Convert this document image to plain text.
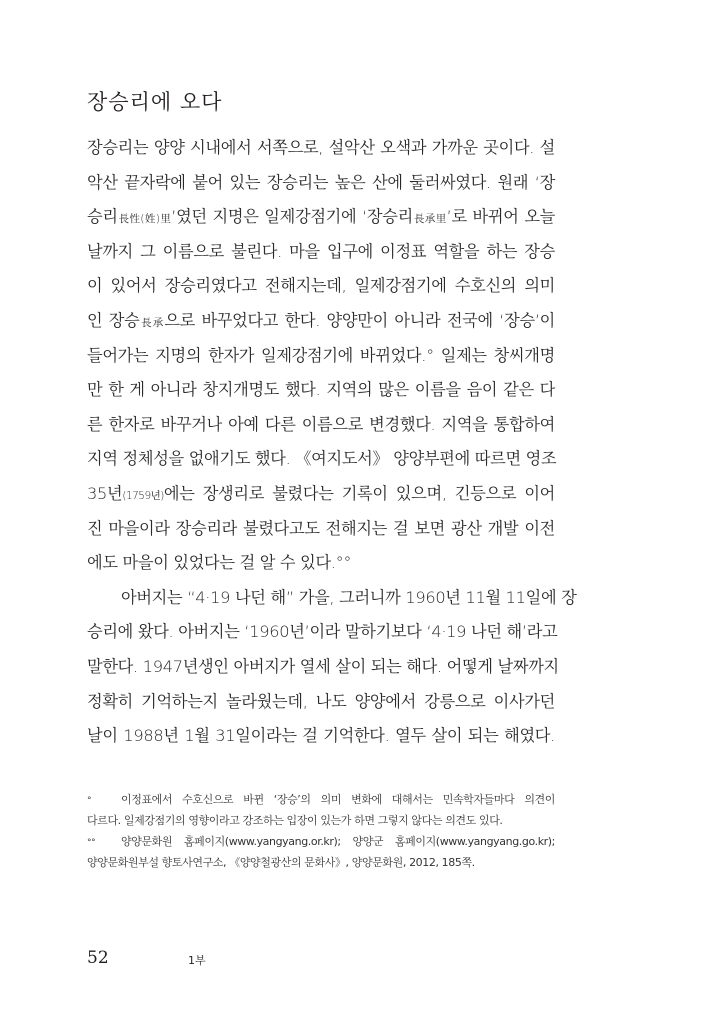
장승리에 오다
장승리는 양양 시내에서 서쪽으로, 설악산 오색과 가까운 곳이다. 설
악산 끝자락에 붙어 있는 장승리는 높은 산에 둘러싸였다. 원래 ‘장
승리長性(姓)里’였던 지명은 일제강점기에 ‘장승리長承里’로 바뀌어 오늘
날까지 그 이름으로 불린다. 마을 입구에 이정표 역할을 하는 장승
이 있어서 장승리였다고 전해지는데, 일제강점기에 수호신의 의미
인 장승長承으로 바꾸었다고 한다. 양양만이 아니라 전국에 ‘장승’이
들어가는 지명의 한자가 일제강점기에 바뀌었다.° 일제는 창씨개명
만 한 게 아니라 창지개명도 했다. 지역의 많은 이름을 음이 같은 다
른 한자로 바꾸거나 아예 다른 이름으로 변경했다. 지역을 통합하여
지역 정체성을 없애기도 했다. 《여지도서》 양양부편에 따르면 영조
35년(1759년)에는 장생리로 불렸다는 기록이 있으며, 긴등으로 이어
진 마을이라 장승리라 불렸다고도 전해지는 걸 보면 광산 개발 이전
에도 마을이 있었다는 걸 알 수 있다.°°
아버지는 “4·19 나던 해” 가을, 그러니까 1960년 11월 11일에 장
승리에 왔다. 아버지는 ‘1960년’이라 말하기보다 ‘4·19 나던 해’라고
말한다. 1947년생인 아버지가 열세 살이 되는 해다. 어떻게 날짜까지
정확히 기억하는지 놀라웠는데, 나도 양양에서 강릉으로 이사가던
날이 1988년 1월 31일이라는 걸 기억한다. 열두 살이 되는 해였다.
°	이정표에서 수호신으로 바뀐 ‘장승’의 의미 변화에 대해서는 민속학자들마다 의견이
다르다. 일제강점기의 영향이라고 강조하는 입장이 있는가 하면 그렇지 않다는 의견도 있다.
°° 양양문화원 홈페이지(www.yangyang.or.kr); 양양군 홈페이지(www.yangyang.go.kr);
양양문화원부설 향토사연구소, 《양양철광산의 문화사》, 양양문화원, 2012, 185쪽.
52	1부
